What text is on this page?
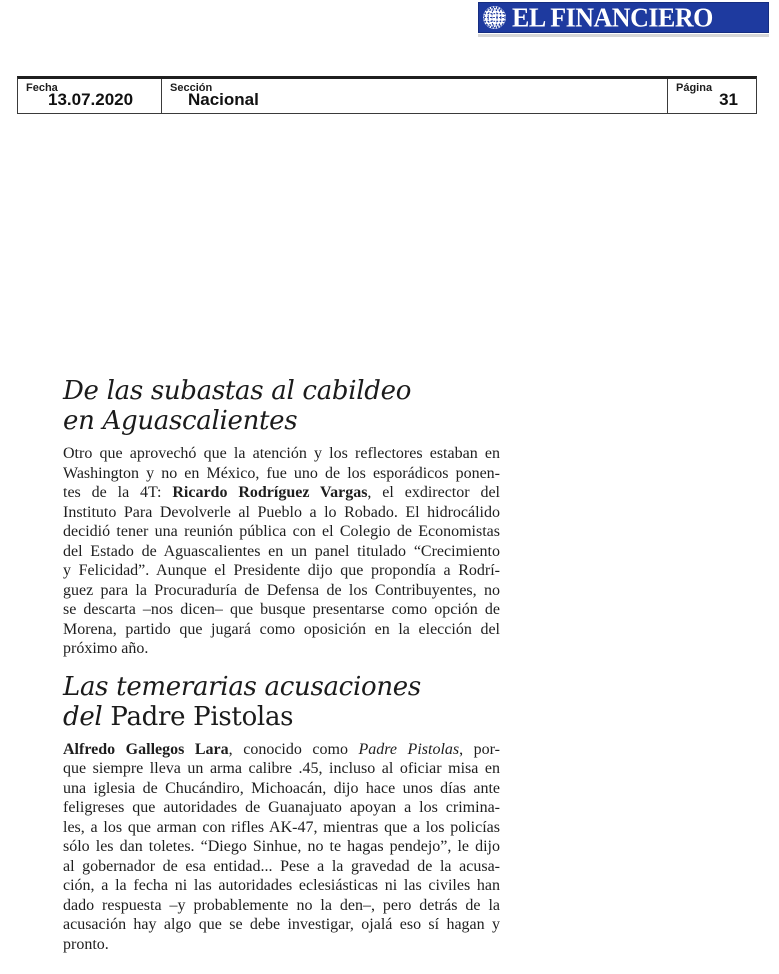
EL FINANCIERO
Fecha
13.07.2020
Sección
Nacional
Página
31
De las subastas al cabildeo
en Aguascalientes
Otro que aprovechó que la atención y los reflectores estaban en
Washington y no en México, fue uno de los esporádicos ponen-
tes de la 4T: Ricardo Rodríguez Vargas, el exdirector del
Instituto Para Devolverle al Pueblo a lo Robado. El hidrocálido
decidió tener una reunión pública con el Colegio de Economistas
del Estado de Aguascalientes en un panel titulado “Crecimiento
y Felicidad”. Aunque el Presidente dijo que propondía a Rodrí-
guez para la Procuraduría de Defensa de los Contribuyentes, no
se descarta –nos dicen– que busque presentarse como opción de
Morena, partido que jugará como oposición en la elección del
próximo año.
Las temerarias acusaciones
del Padre Pistolas
Alfredo Gallegos Lara, conocido como Padre Pistolas, por-
que siempre lleva un arma calibre .45, incluso al oficiar misa en
una iglesia de Chucándiro, Michoacán, dijo hace unos días ante
feligreses que autoridades de Guanajuato apoyan a los crimina-
les, a los que arman con rifles AK-47, mientras que a los policías
sólo les dan toletes. “Diego Sinhue, no te hagas pendejo”, le dijo
al gobernador de esa entidad... Pese a la gravedad de la acusa-
ción, a la fecha ni las autoridades eclesiásticas ni las civiles han
dado respuesta –y probablemente no la den–, pero detrás de la
acusación hay algo que se debe investigar, ojalá eso sí hagan y
pronto.
